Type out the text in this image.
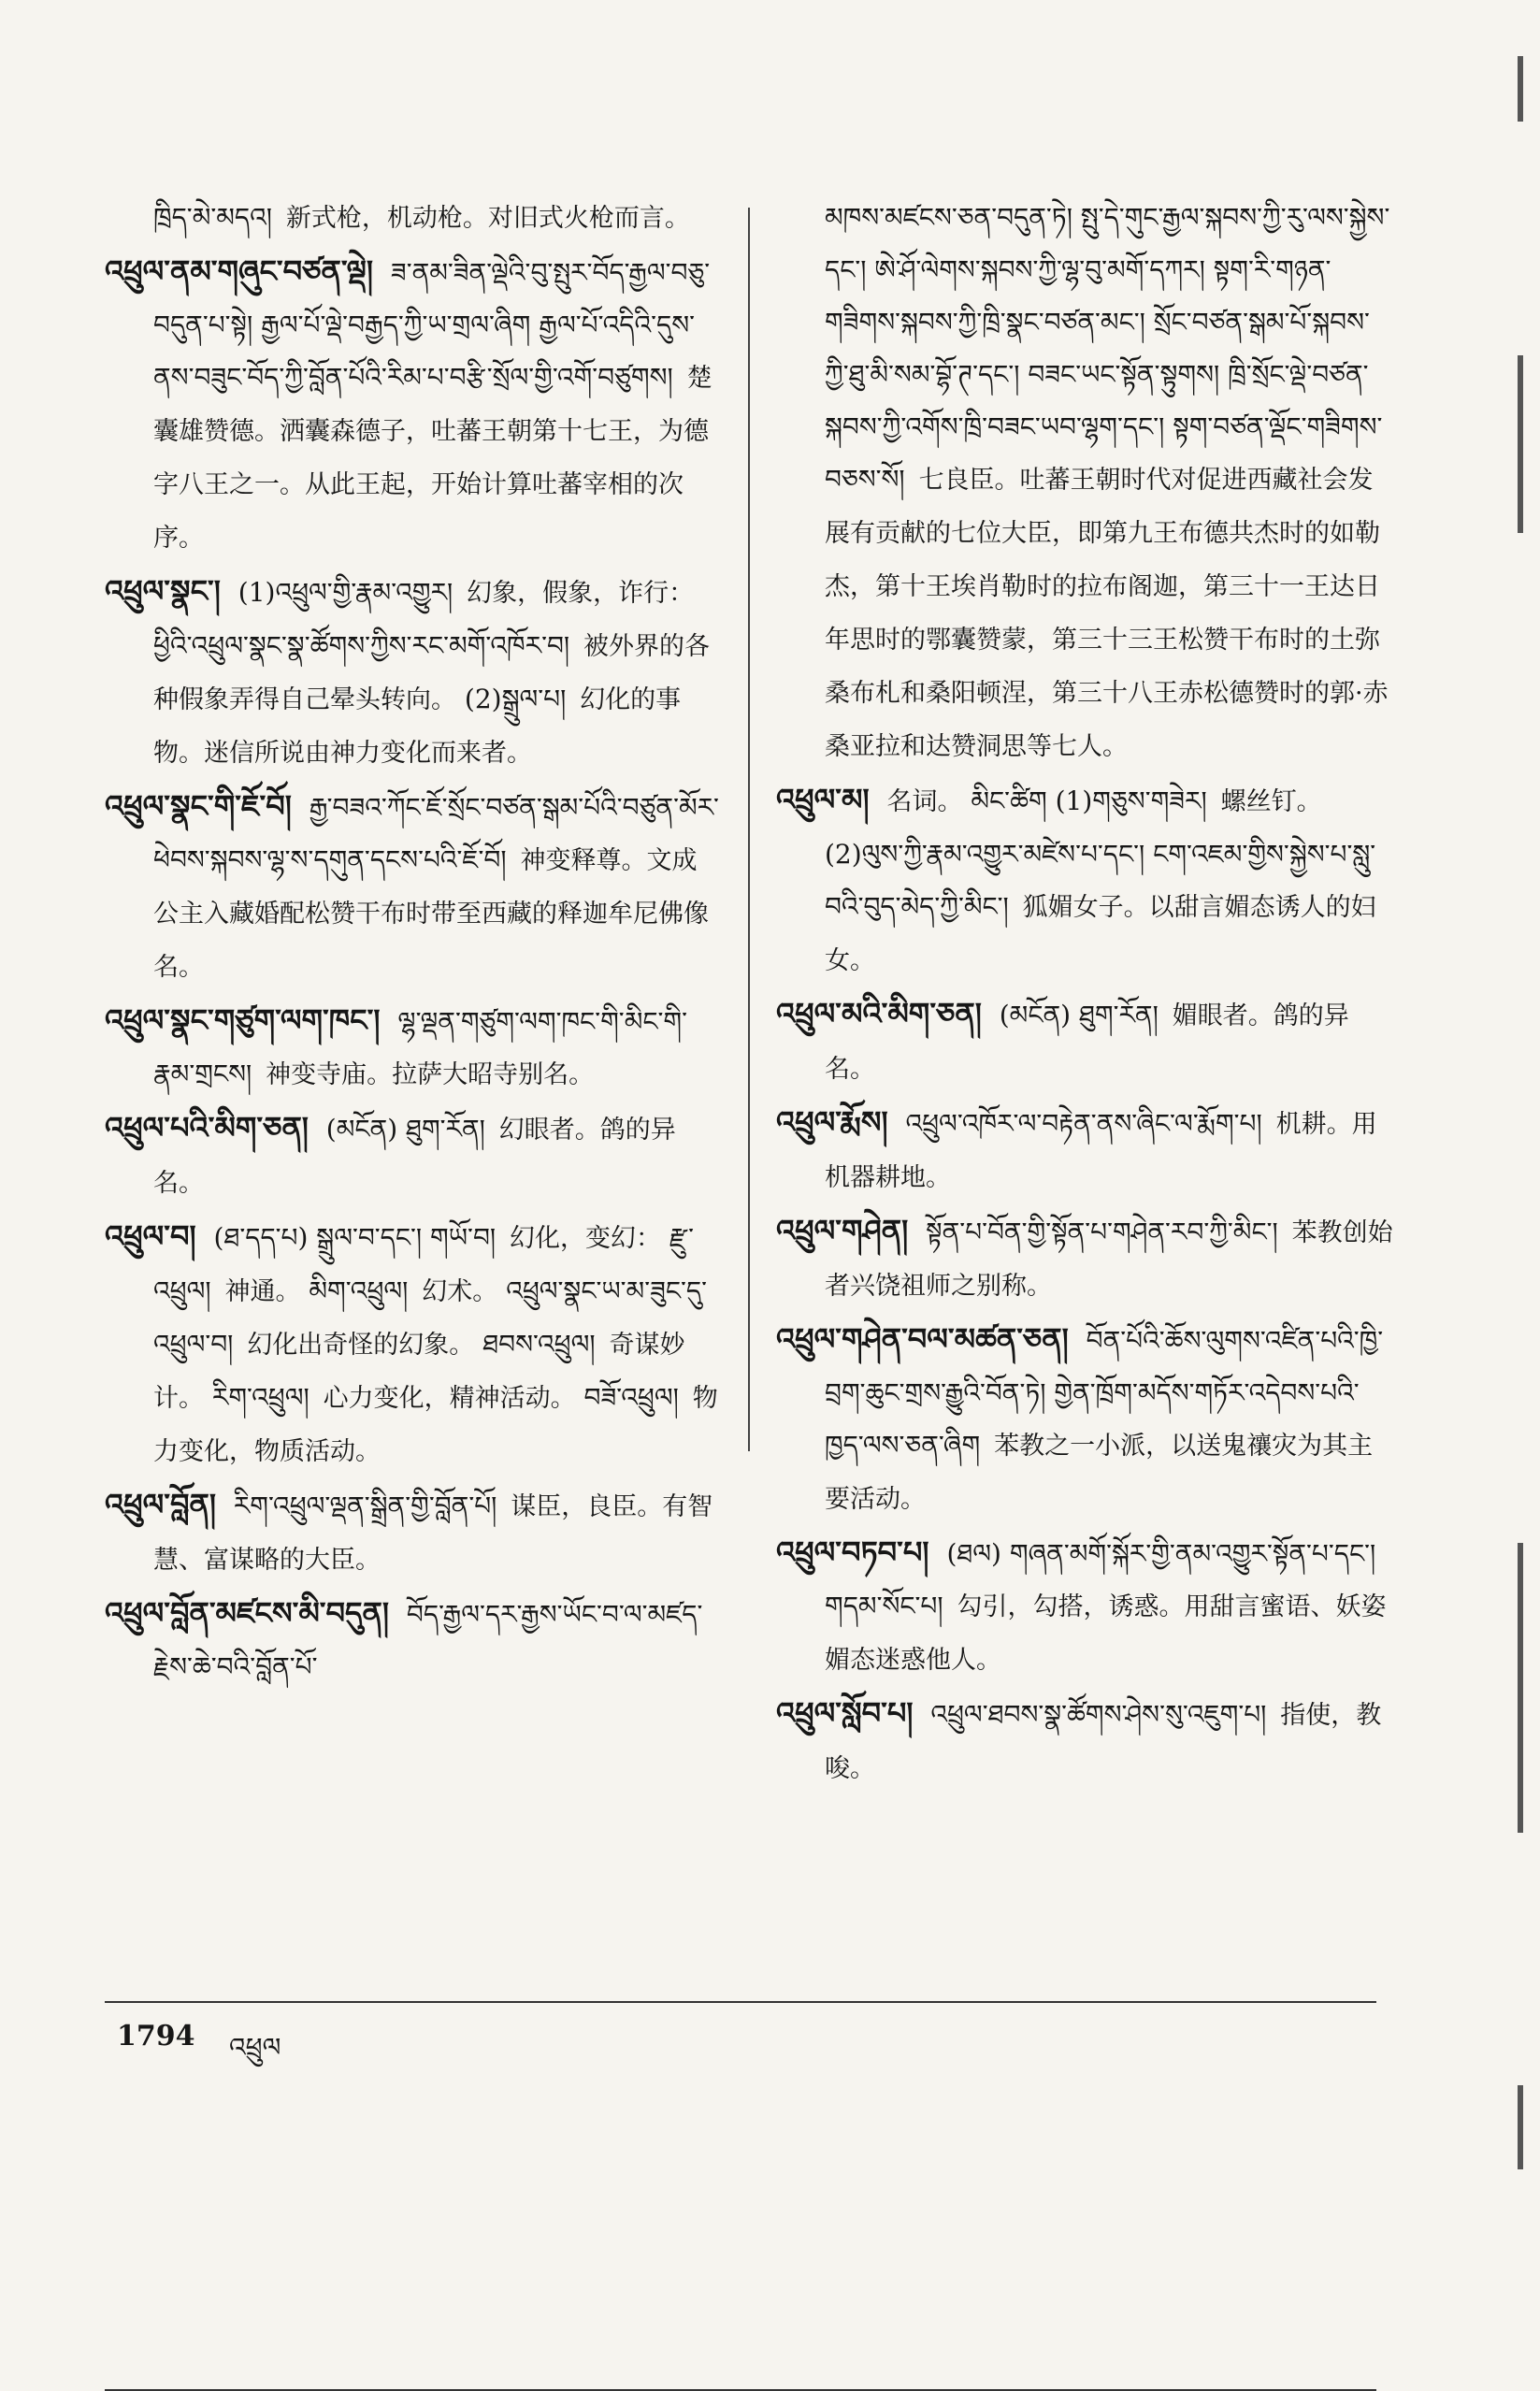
ཁྲིད་མེ་མདའ། 新式枪，机动枪。对旧式火枪而言。

འཕྲུལ་ནམ་གཞུང་བཙན་ལྡེ། ཟ་ནམ་ཟིན་ལྡེའི་བུ་སྤུར་བོད་རྒྱལ་བཅུ་བདུན་པ་སྟེ། རྒྱལ་པོ་ལྡེ་བརྒྱད་ཀྱི་ཡ་གྲལ་ཞིག རྒྱལ་པོ་འདིའི་དུས་ནས་བཟུང་བོད་ཀྱི་བློན་པོའི་རིམ་པ་བརྩི་སྲོལ་གྱི་འགོ་བཙུགས། 楚囊雄赞德。洒囊森德子，吐蕃王朝第十七王，为德字八王之一。从此王起，开始计算吐蕃宰相的次序。

འཕྲུལ་སྣང་། (1)འཕྲུལ་གྱི་རྣམ་འགྱུར། 幻象，假象，诈行： ཕྱིའི་འཕྲུལ་སྣང་སྣ་ཚོགས་ཀྱིས་རང་མགོ་འཁོར་བ། 被外界的各种假象弄得自己晕头转向。 (2)སྒྲུལ་པ། 幻化的事物。迷信所说由神力变化而来者。

འཕྲུལ་སྣང་གི་ཇོ་བོ། རྒྱ་བཟའ་ཀོང་ཇོ་སྲོང་བཙན་སྒམ་པོའི་བཙུན་མོར་ཕེབས་སྐབས་ལྷ་ས་དགུན་དངས་པའི་ཇོ་བོ། 神变释尊。文成公主入藏婚配松赞干布时带至西藏的释迦牟尼佛像名。

འཕྲུལ་སྣང་གཙུག་ལག་ཁང་། ལྷ་ལྡན་གཙུག་ལག་ཁང་གི་མིང་གི་རྣམ་གྲངས། 神变寺庙。拉萨大昭寺别名。

འཕྲུལ་པའི་མིག་ཅན། (མངོན) ཐུག་རོན། 幻眼者。鸽的异名。

འཕྲུལ་བ། (ཐ་དད་པ) སྒྲུལ་བ་དང་། གཡོ་བ། 幻化，变幻： རྫུ་འཕྲུལ། 神通。 མིག་འཕྲུལ། 幻术。 འཕྲུལ་སྣང་ཡ་མ་ཟུང་དུ་འཕྲུལ་བ། 幻化出奇怪的幻象。 ཐབས་འཕྲུལ། 奇谋妙计。 རིག་འཕྲུལ། 心力变化，精神活动。 བཟོ་འཕྲུལ། 物力变化，物质活动。

འཕྲུལ་བློན། རིག་འཕྲུལ་ལྡན་སྒྲིན་གྱི་བློན་པོ། 谋臣，良臣。有智慧、富谋略的大臣。

འཕྲུལ་བློན་མཛངས་མི་བདུན། བོད་རྒྱལ་དར་རྒྱས་ཡོང་བ་ལ་མཛད་རྗེས་ཆེ་བའི་བློན་པོ་

མཁས་མཛངས་ཅན་བདུན་ཏེ། སྤུ་དེ་གུང་རྒྱལ་སྐབས་ཀྱི་རུ་ལས་སྐྱེས་དང་། ཨེ་ཤོ་ལེགས་སྐབས་ཀྱི་ལྷ་བུ་མགོ་དཀར། སྟག་རི་གཉན་གཟིགས་སྐབས་ཀྱི་ཁྲི་སྣང་བཙན་མང་། སྲོང་བཙན་སྒམ་པོ་སྐབས་ཀྱི་ཐུ་མི་སམ་བྷོ་ཊ་དང་། བཟང་ཡང་སྟོན་སྟུགས། ཁྲི་སྲོང་ལྡེ་བཙན་སྐབས་ཀྱི་འགོས་ཁྲི་བཟང་ཡབ་ལྷག་དང་། སྟག་བཙན་ལྡོང་གཟིགས་བཅས་སོ། 七良臣。吐蕃王朝时代对促进西藏社会发展有贡献的七位大臣，即第九王布德共杰时的如勒杰，第十王埃肖勒时的拉布阁迦，第三十一王达日年思时的鄂囊赞蒙，第三十三王松赞干布时的土弥桑布札和桑阳顿涅，第三十八王赤松德赞时的郭·赤桑亚拉和达赞洞思等七人。

འཕྲུལ་མ། 名词。 མིང་ཚིག (1)གཅུས་གཟེར། 螺丝钉。 (2)ལུས་ཀྱི་རྣམ་འགྱུར་མཛེས་པ་དང་། ངག་འཇམ་གྱིས་སྐྱེས་པ་སླུ་བའི་བུད་མེད་ཀྱི་མིང་། 狐媚女子。以甜言媚态诱人的妇女。

འཕྲུལ་མའི་མིག་ཅན། (མངོན) ཐུག་རོན། 媚眼者。鸽的异名。

འཕྲུལ་རྨོས། འཕྲུལ་འཁོར་ལ་བརྟེན་ནས་ཞིང་ལ་རྨོག་པ། 机耕。用机器耕地。

འཕྲུལ་གཤེན། སྟོན་པ་བོན་གྱི་སྟོན་པ་གཤེན་རབ་ཀྱི་མིང་། 苯教创始者兴饶祖师之别称。

འཕྲུལ་གཤེན་བལ་མཚན་ཅན། བོན་པོའི་ཆོས་ལུགས་འཛིན་པའི་ཁྱི་བྲག་ཆུང་གྲས་རྒྱུའི་བོན་ཏེ། གྱེན་ཁྲོག་མདོས་གཏོར་འདེབས་པའི་ཁྱད་ལས་ཅན་ཞིག 苯教之一小派，以送鬼禳灾为其主要活动。

འཕྲུལ་བཏབ་པ། (ཐལ) གཞན་མགོ་སྐོར་གྱི་ནམ་འགྱུར་སྟོན་པ་དང་། གདམ་སོང་པ། 勾引，勾搭，诱惑。用甜言蜜语、妖姿媚态迷惑他人。

འཕྲུལ་སློབ་པ། འཕྲུལ་ཐབས་སྣ་ཚོགས་ཤེས་སུ་འཇུག་པ། 指使，教唆。

1794 འཕྲུལ
